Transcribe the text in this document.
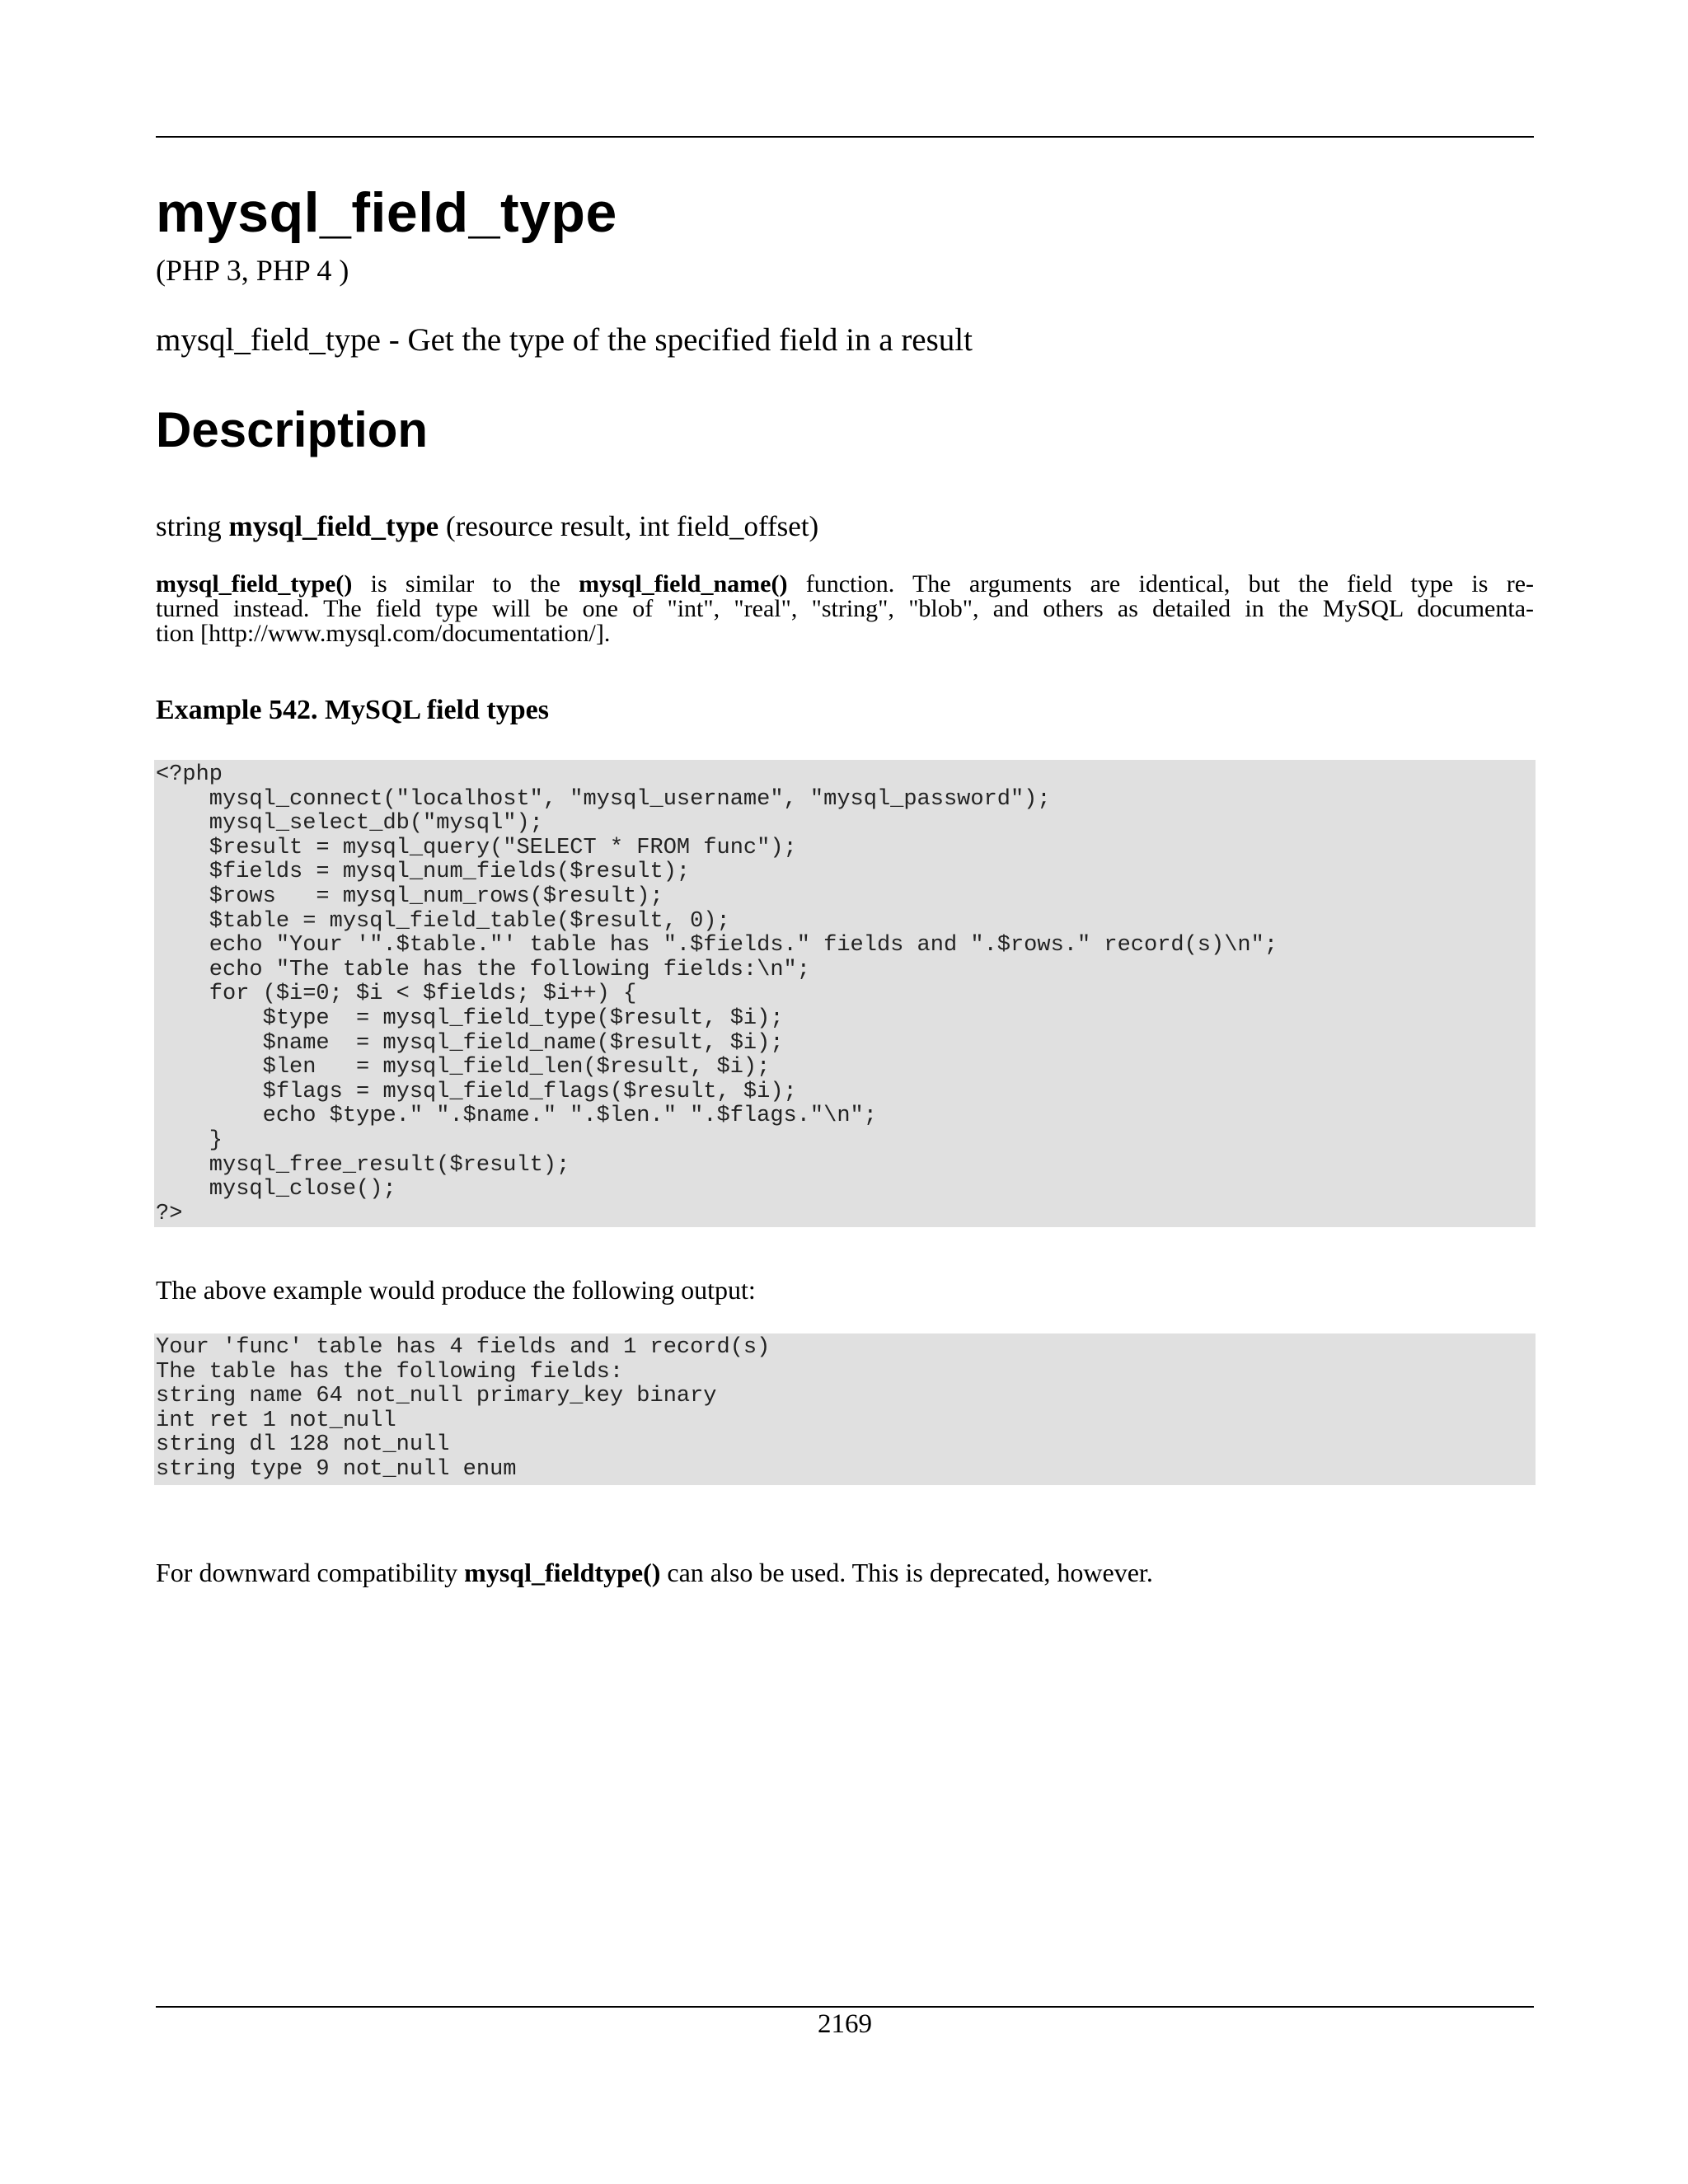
mysql_field_type
(PHP 3, PHP 4 )
mysql_field_type - Get the type of the specified field in a result
Description
string mysql_field_type (resource result, int field_offset)
mysql_field_type() is similar to the mysql_field_name() function. The arguments are identical, but the field type is re-
turned instead. The field type will be one of "int", "real", "string", "blob", and others as detailed in the MySQL documenta-
tion [http://www.mysql.com/documentation/].
Example 542. MySQL field types
<?php
mysql_connect("localhost", "mysql_username", "mysql_password");
mysql_select_db("mysql");
$result = mysql_query("SELECT * FROM func");
$fields = mysql_num_fields($result);
$rows   = mysql_num_rows($result);
$table = mysql_field_table($result, 0);
echo "Your '".$table."' table has ".$fields." fields and ".$rows." record(s)\n";
echo "The table has the following fields:\n";
for ($i=0; $i < $fields; $i++) {
$type  = mysql_field_type($result, $i);
$name  = mysql_field_name($result, $i);
$len   = mysql_field_len($result, $i);
$flags = mysql_field_flags($result, $i);
echo $type." ".$name." ".$len." ".$flags."\n";
}
mysql_free_result($result);
mysql_close();
?>
The above example would produce the following output:
Your 'func' table has 4 fields and 1 record(s)
The table has the following fields:
string name 64 not_null primary_key binary
int ret 1 not_null
string dl 128 not_null
string type 9 not_null enum
For downward compatibility mysql_fieldtype() can also be used. This is deprecated, however.
2169
